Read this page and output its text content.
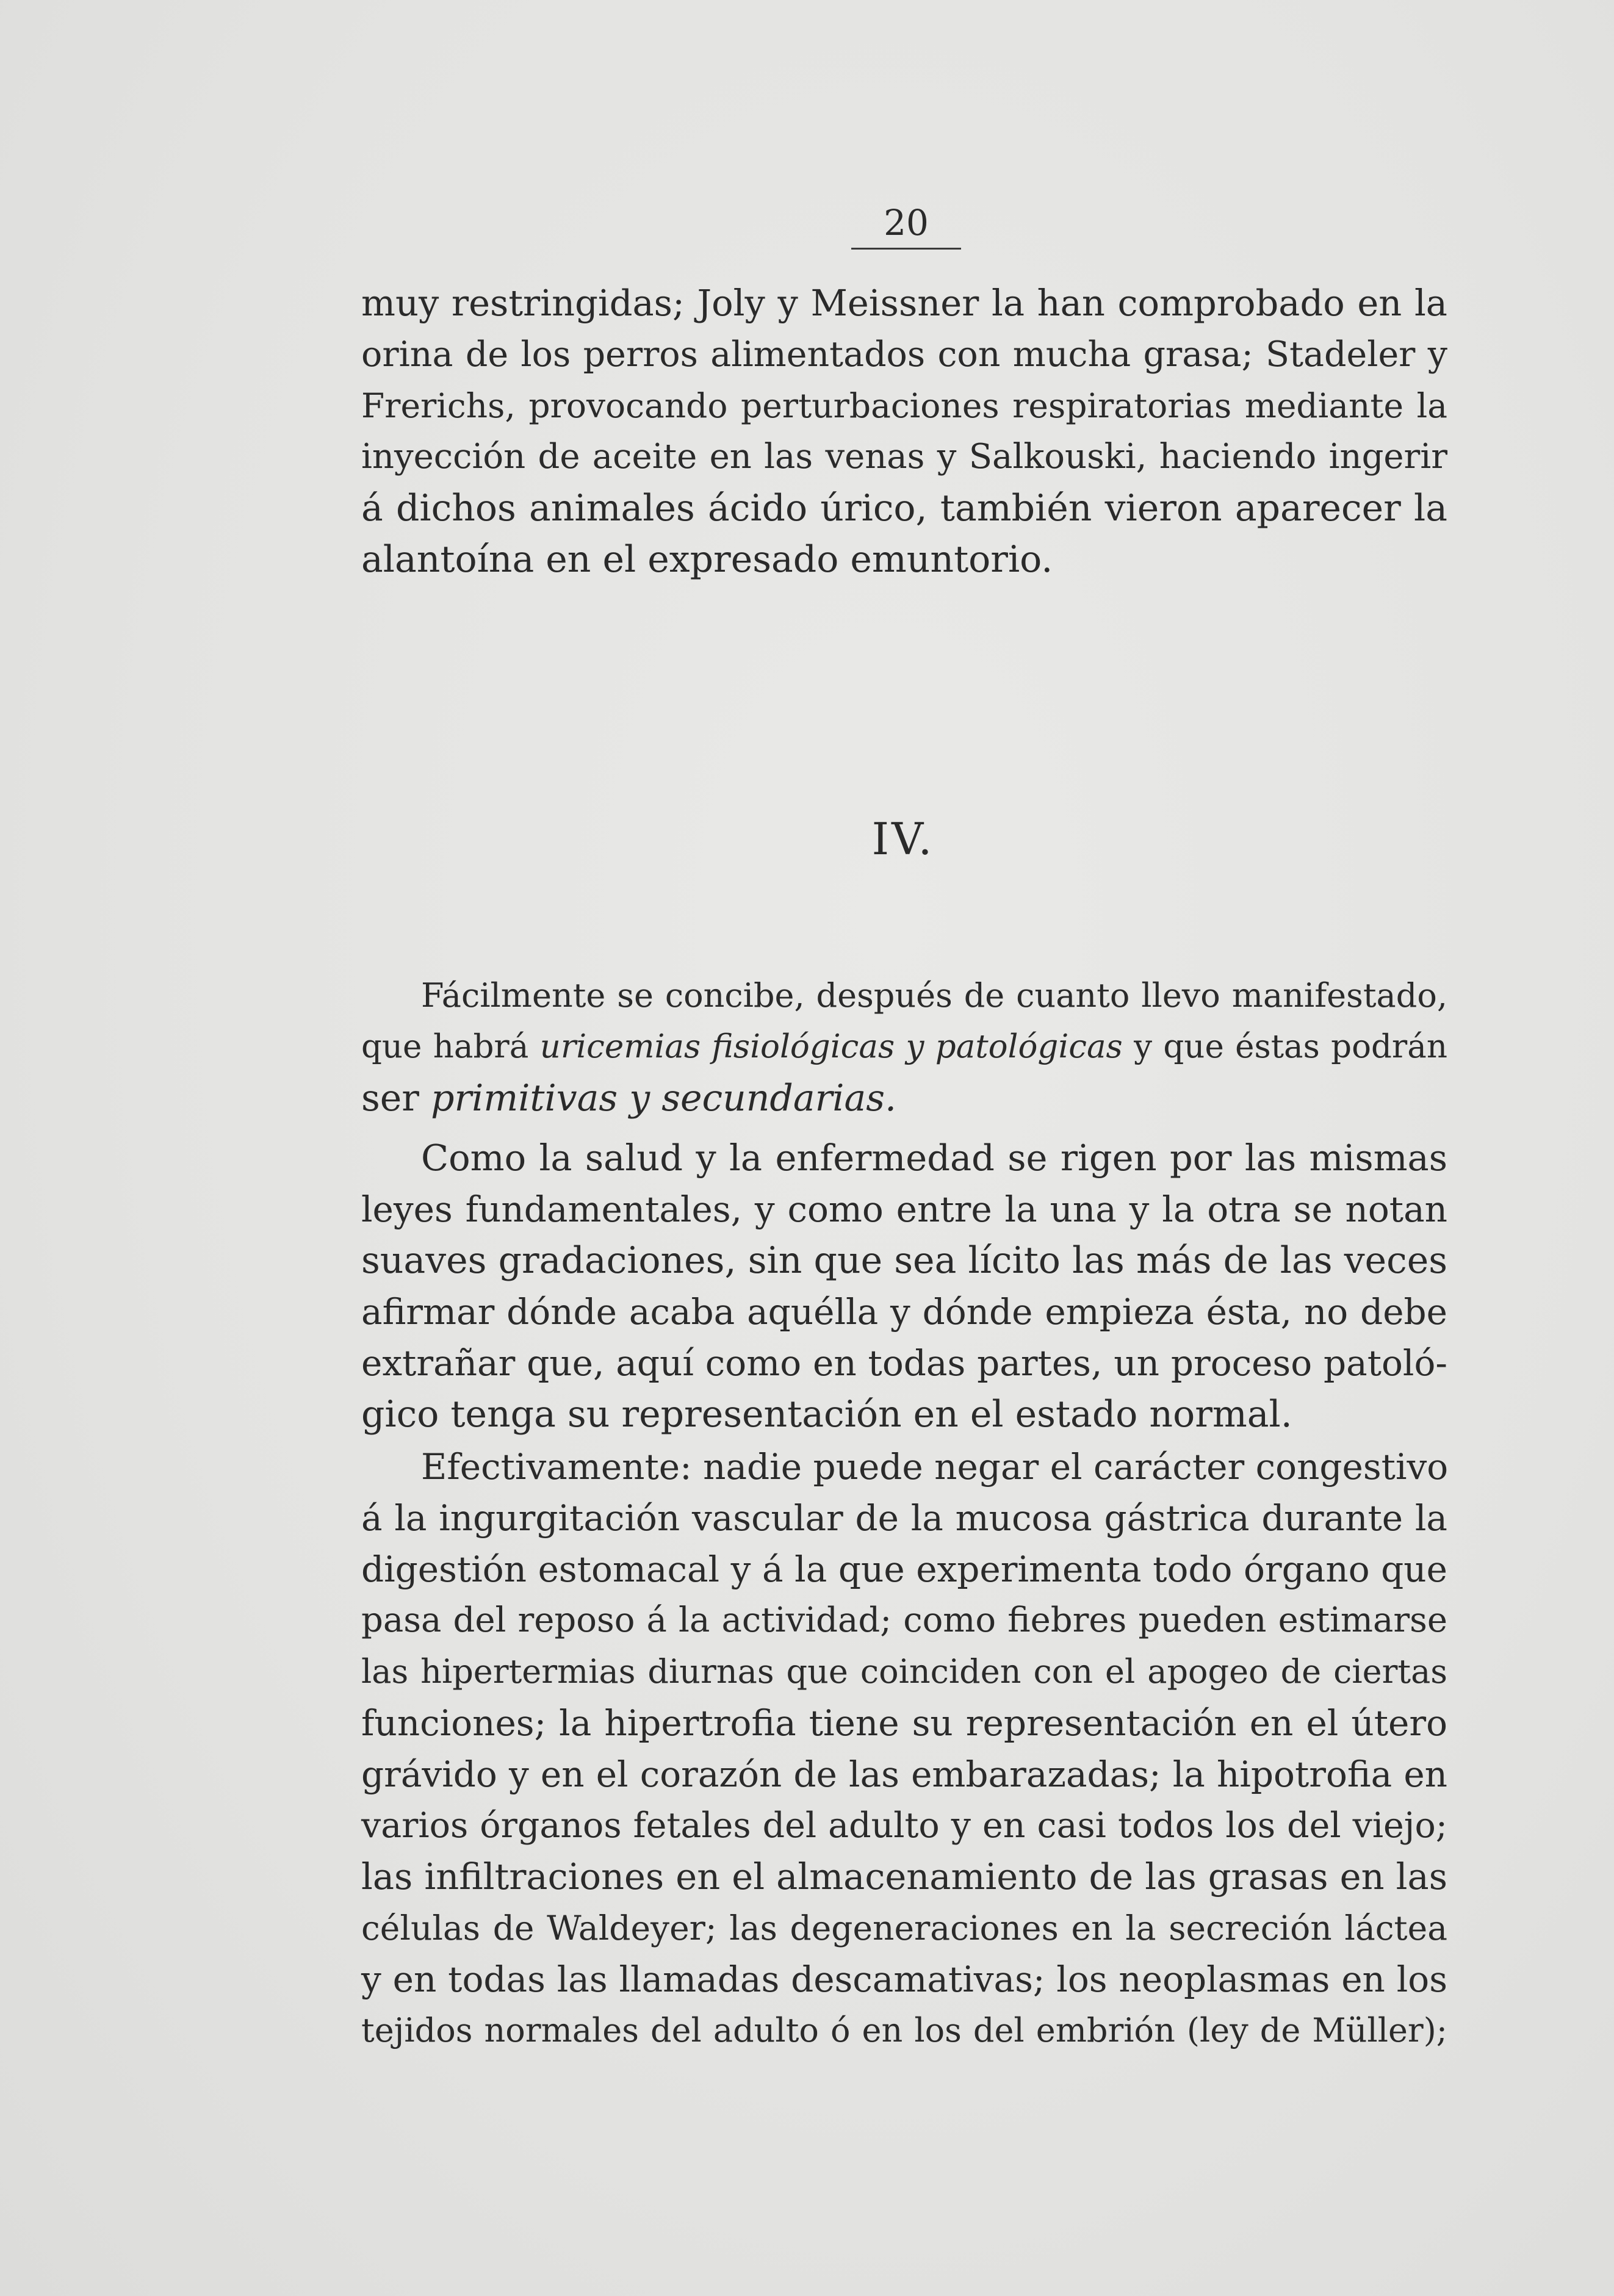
20
muy restringidas; Joly y Meissner la han comprobado en la
orina de los perros alimentados con mucha grasa; Stadeler y
Frerichs, provocando perturbaciones respiratorias mediante la
inyección de aceite en las venas y Salkouski, haciendo ingerir
á dichos animales ácido úrico, también vieron aparecer la
alantoína en el expresado emuntorio.
IV.
Fácilmente se concibe, después de cuanto llevo manifestado,
que habrá uricemias fisiológicas y patológicas y que éstas podrán
ser primitivas y secundarias.
Como la salud y la enfermedad se rigen por las mismas
leyes fundamentales, y como entre la una y la otra se notan
suaves gradaciones, sin que sea lícito las más de las veces
afirmar dónde acaba aquélla y dónde empieza ésta, no debe
extrañar que, aquí como en todas partes, un proceso patoló-
gico tenga su representación en el estado normal.
Efectivamente: nadie puede negar el carácter congestivo
á la ingurgitación vascular de la mucosa gástrica durante la
digestión estomacal y á la que experimenta todo órgano que
pasa del reposo á la actividad; como fiebres pueden estimarse
las hipertermias diurnas que coinciden con el apogeo de ciertas
funciones; la hipertrofia tiene su representación en el útero
grávido y en el corazón de las embarazadas; la hipotrofia en
varios órganos fetales del adulto y en casi todos los del viejo;
las infiltraciones en el almacenamiento de las grasas en las
células de Waldeyer; las degeneraciones en la secreción láctea
y en todas las llamadas descamativas; los neoplasmas en los
tejidos normales del adulto ó en los del embrión (ley de Müller);
